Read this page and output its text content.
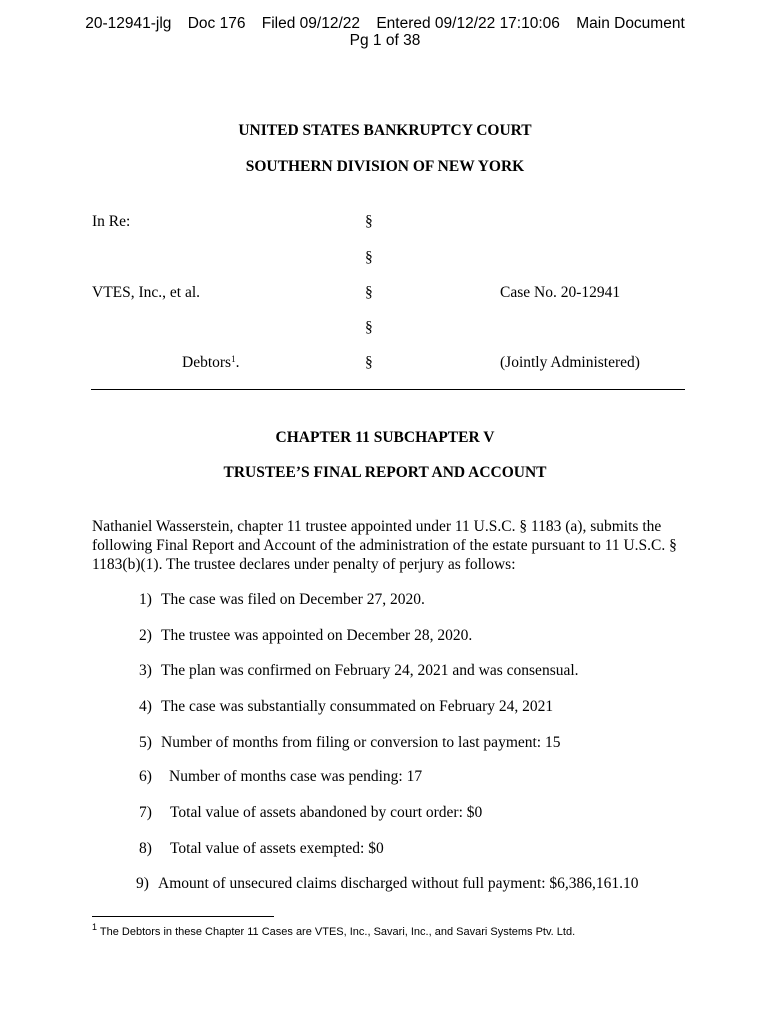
20-12941-jlg Doc 176 Filed 09/12/22 Entered 09/12/22 17:10:06 Main Document
Pg 1 of 38
UNITED STATES BANKRUPTCY COURT
SOUTHERN DIVISION OF NEW YORK
In Re:
VTES, Inc., et al.
Debtors$^1$.
§
§
§
§
§
Case No. 20-12941
(Jointly Administered)
CHAPTER 11 SUBCHAPTER V
TRUSTEE’S FINAL REPORT AND ACCOUNT
Nathaniel Wasserstein, chapter 11 trustee appointed under 11 U.S.C. § 1183 (a), submits the following Final Report and Account of the administration of the estate pursuant to 11 U.S.C. § 1183(b)(1). The trustee declares under penalty of perjury as follows:
1) The case was filed on December 27, 2020.
2) The trustee was appointed on December 28, 2020.
3) The plan was confirmed on February 24, 2021 and was consensual.
4) The case was substantially consummated on February 24, 2021
5) Number of months from filing or conversion to last payment: 15
6) Number of months case was pending: 17
7) Total value of assets abandoned by court order: $0
8) Total value of assets exempted: $0
9) Amount of unsecured claims discharged without full payment: $6,386,161.10
$^1$ The Debtors in these Chapter 11 Cases are VTES, Inc., Savari, Inc., and Savari Systems Ptv. Ltd.
